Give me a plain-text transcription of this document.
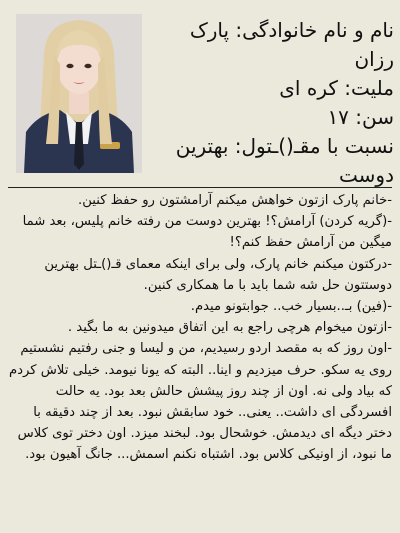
نام و نام خانوادگی: پارک رزان
ملیت: کره ای
سن: ۱۷
نسبت با مقـ()ـتول: بهترین
دوست

-خانم پارک ازتون خواهش میکنم آرامشتون رو حفظ کنین.

-(گریه کردن) آرامش؟! بهترین دوست من رفته خانم پلیس، بعد شما میگین من آرامش حفظ کنم؟!

-درکتون میکنم خانم پارک، ولی برای اینکه معمای قـ()ـتل بهترین دوستتون حل شه شما باید با ما همکاری کنین.

-(فین) بـ..بسیار خب.. جوابتونو میدم.

-ازتون میخوام هرچی راجع به این اتفاق میدونین به ما بگید .

-اون روز که به مقصد اردو رسیدیم، من و لیسا و جنی رفتیم نشستیم روی یه سکو. حرف میزدیم و اینا.. البته که یونا نیومد. خیلی تلاش کردم که بیاد ولی نه. اون از چند روز پیشش حالش بعد بود. یه حالت افسردگی ای داشت.. یعنی.. خود سابقش نبود. بعد از چند دقیقه با دختر دیگه ای دیدمش. خوشحال بود. لبخند میزد. اون دختر توی کلاس ما نبود، از اونیکی کلاس بود. اشتباه نکنم اسمش... جانگ آهیون بود.
